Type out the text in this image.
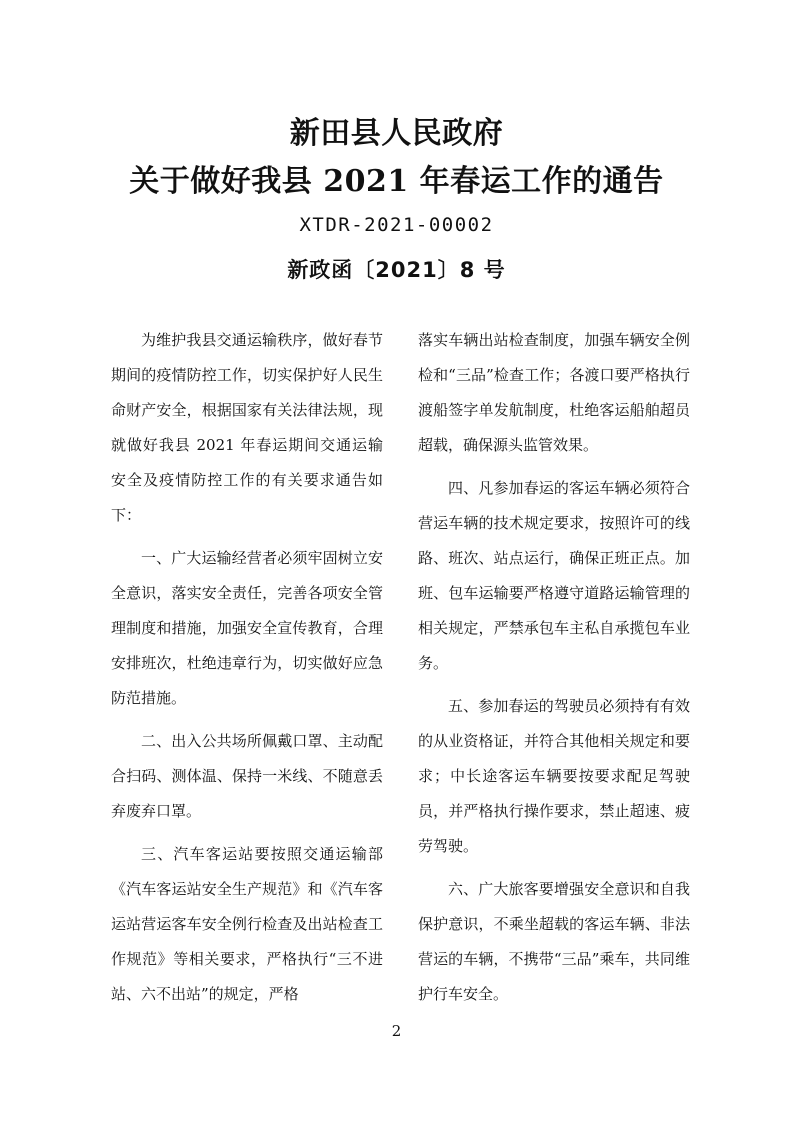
新田县人民政府
关于做好我县 2021 年春运工作的通告
XTDR-2021-00002
新政函〔2021〕8 号

为维护我县交通运输秩序，做好春节期间的疫情防控工作，切实保护好人民生命财产安全，根据国家有关法律法规，现就做好我县 2021 年春运期间交通运输安全及疫情防控工作的有关要求通告如下：

一、广大运输经营者必须牢固树立安全意识，落实安全责任，完善各项安全管理制度和措施，加强安全宣传教育，合理安排班次，杜绝违章行为，切实做好应急防范措施。

二、出入公共场所佩戴口罩、主动配合扫码、测体温、保持一米线、不随意丢弃废弃口罩。

三、汽车客运站要按照交通运输部《汽车客运站安全生产规范》和《汽车客运站营运客车安全例行检查及出站检查工作规范》等相关要求，严格执行“三不进站、六不出站”的规定，严格

落实车辆出站检查制度，加强车辆安全例检和“三品”检查工作；各渡口要严格执行渡船签字单发航制度，杜绝客运船舶超员超载，确保源头监管效果。

四、凡参加春运的客运车辆必须符合营运车辆的技术规定要求，按照许可的线路、班次、站点运行，确保正班正点。加班、包车运输要严格遵守道路运输管理的相关规定，严禁承包车主私自承揽包车业务。

五、参加春运的驾驶员必须持有有效的从业资格证，并符合其他相关规定和要求；中长途客运车辆要按要求配足驾驶员，并严格执行操作要求，禁止超速、疲劳驾驶。

六、广大旅客要增强安全意识和自我保护意识，不乘坐超载的客运车辆、非法营运的车辆，不携带“三品”乘车，共同维护行车安全。

2
